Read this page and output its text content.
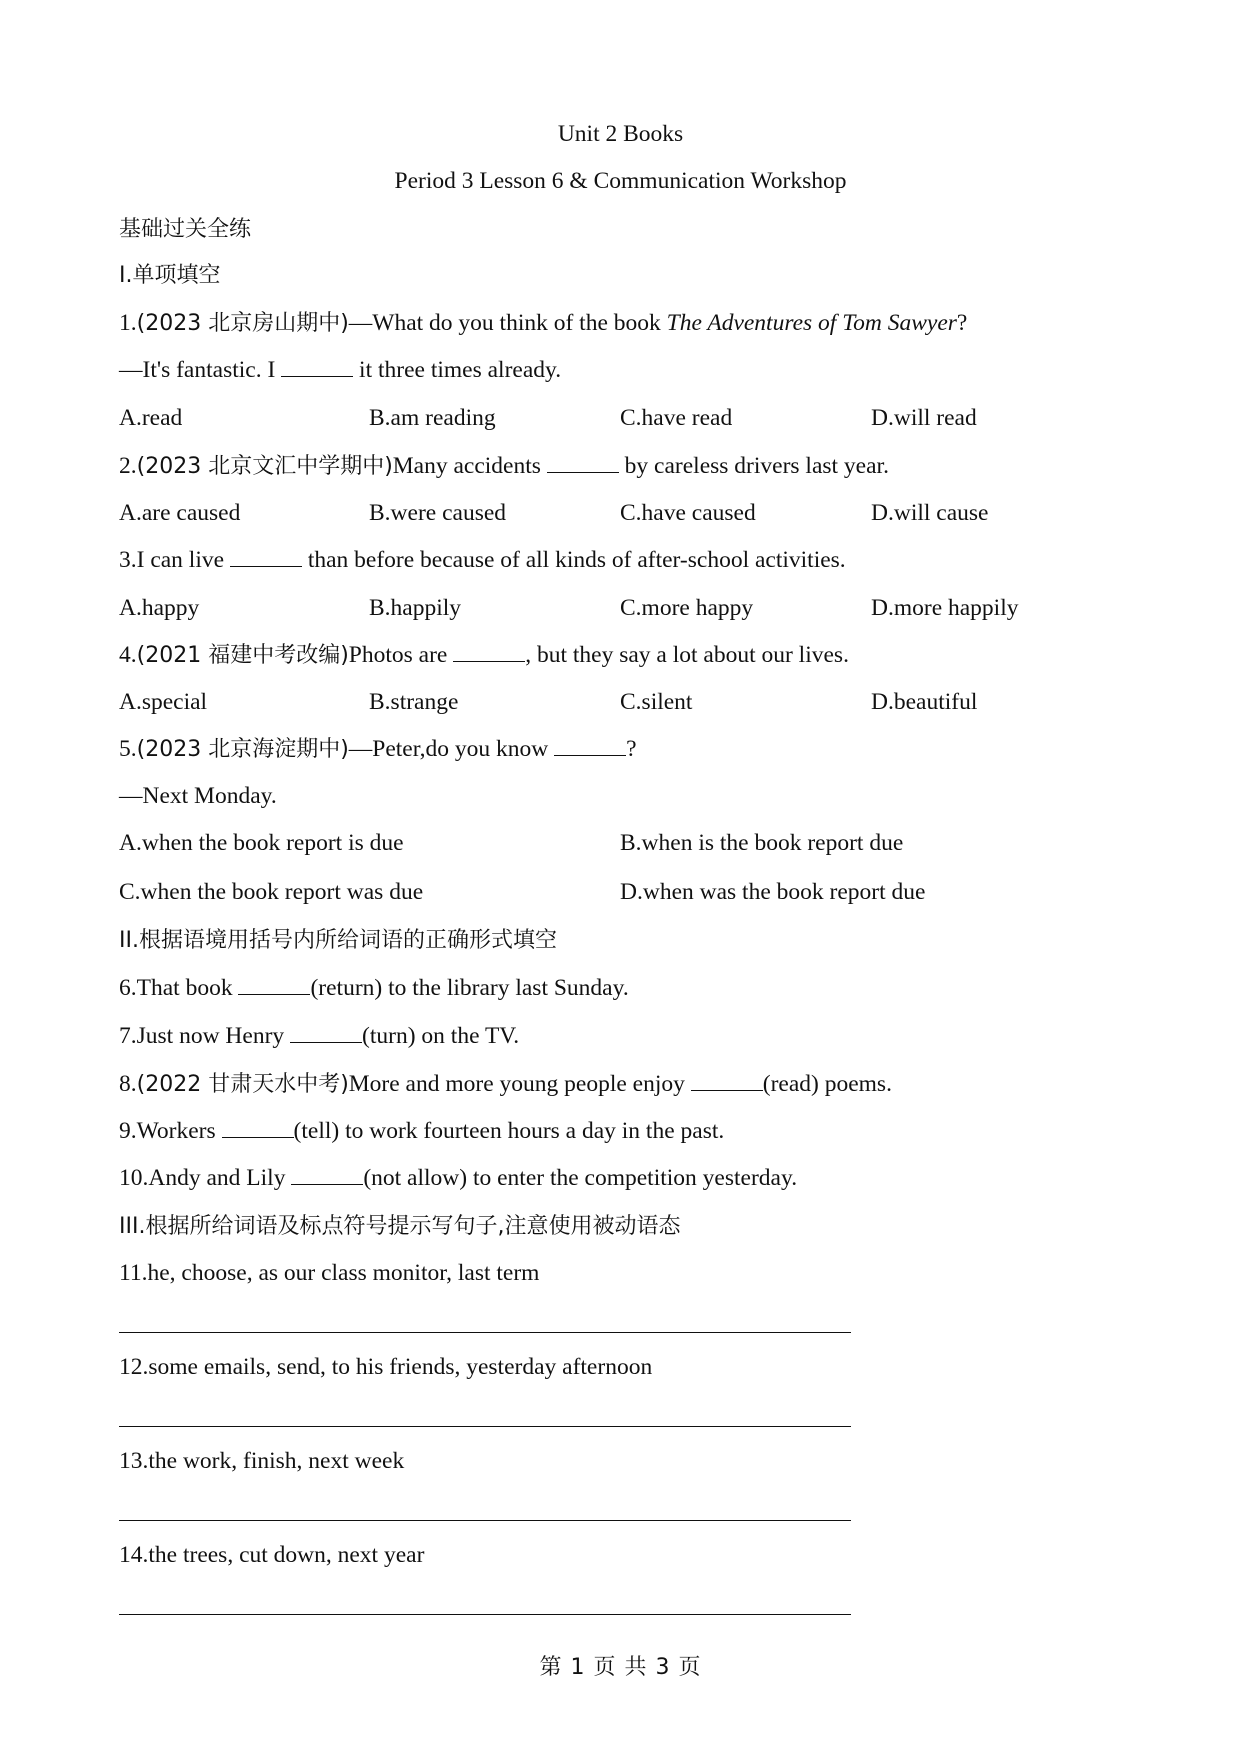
Unit 2 Books
Period 3 Lesson 6 & Communication Workshop
基础过关全练
I.单项填空
1.(2023 北京房山期中)—What do you think of the book The Adventures of Tom Sawyer?
—It's fantastic. I	it three times already.
A.read	B.am reading	C.have read	D.will read
2.(2023 北京文汇中学期中)Many accidents	by careless drivers last year.
A.are caused	B.were caused	C.have caused	D.will cause
3.I can live	than before because of all kinds of after-school activities.
A.happy	B.happily	C.more happy	D.more happily
4.(2021 福建中考改编)Photos are	, but they say a lot about our lives.
A.special	B.strange	C.silent	D.beautiful
5.(2023 北京海淀期中)—Peter,do you know	?
—Next Monday.
A.when the book report is due	B.when is the book report due
C.when the book report was due	D.when was the book report due
II.根据语境用括号内所给词语的正确形式填空
6.That book	(return) to the library last Sunday.
7.Just now Henry	(turn) on the TV.
8.(2022 甘肃天水中考)More and more young people enjoy	(read) poems.
9.Workers	(tell) to work fourteen hours a day in the past.
10.Andy and Lily	(not allow) to enter the competition yesterday.
III.根据所给词语及标点符号提示写句子,注意使用被动语态
11.he, choose, as our class monitor, last term
12.some emails, send, to his friends, yesterday afternoon
13.the work, finish, next week
14.the trees, cut down, next year
第 1 页 共 3 页
